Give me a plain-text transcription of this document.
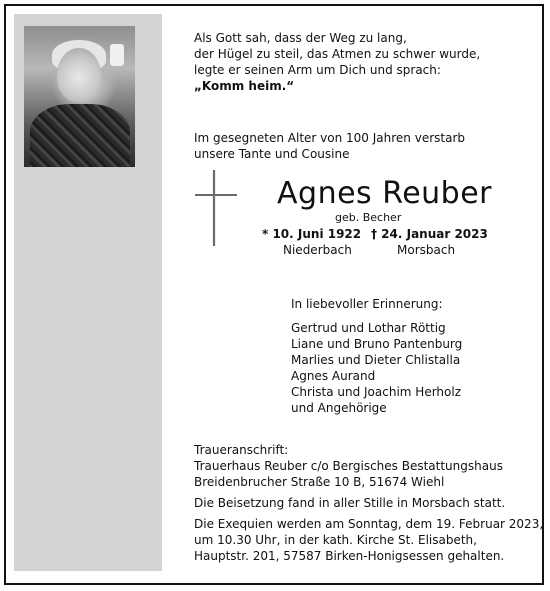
Als Gott sah, dass der Weg zu lang,
der Hügel zu steil, das Atmen zu schwer wurde,
legte er seinen Arm um Dich und sprach:
„Komm heim.“
Im gesegneten Alter von 100 Jahren verstarb
unsere Tante und Cousine
Agnes Reuber
geb. Becher
* 10. Juni 1922 † 24. Januar 2023
Niederbach	Morsbach
In liebevoller Erinnerung:
Gertrud und Lothar Röttig
Liane und Bruno Pantenburg
Marlies und Dieter Chlistalla
Agnes Aurand
Christa und Joachim Herholz
und Angehörige
Traueranschrift:
Trauerhaus Reuber c/o Bergisches Bestattungshaus
Breidenbrucher Straße 10 B, 51674 Wiehl
Die Beisetzung fand in aller Stille in Morsbach statt.
Die Exequien werden am Sonntag, dem 19. Februar 2023,
um 10.30 Uhr, in der kath. Kirche St. Elisabeth,
Hauptstr. 201, 57587 Birken-Honigsessen gehalten.
